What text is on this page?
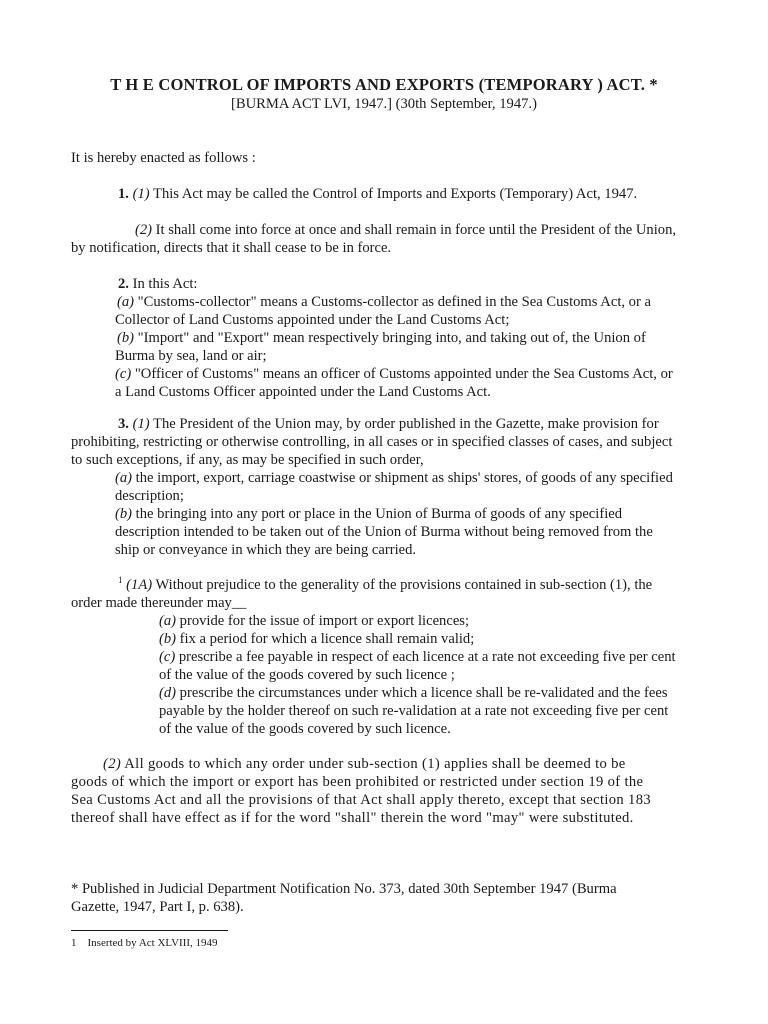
T H E CONTROL OF IMPORTS AND EXPORTS (TEMPORARY ) ACT. *
[BURMA ACT LVI, 1947.] (30th September, 1947.)
It is hereby enacted as follows :
1. (1) This Act may be called the Control of Imports and Exports (Temporary) Act, 1947.
(2) It shall come into force at once and shall remain in force until the President of the Union,
by notification, directs that it shall cease to be in force.
2. In this Act:
(a) "Customs-collector" means a Customs-collector as defined in the Sea Customs Act, or a
Collector of Land Customs appointed under the Land Customs Act;
(b) "Import" and "Export" mean respectively bringing into, and taking out of, the Union of
Burma by sea, land or air;
(c) "Officer of Customs" means an officer of Customs appointed under the Sea Customs Act, or
a Land Customs Officer appointed under the Land Customs Act.
3. (1) The President of the Union may, by order published in the Gazette, make provision for
prohibiting, restricting or otherwise controlling, in all cases or in specified classes of cases, and subject
to such exceptions, if any, as may be specified in such order,
(a) the import, export, carriage coastwise or shipment as ships' stores, of goods of any specified
description;
(b) the bringing into any port or place in the Union of Burma of goods of any specified
description intended to be taken out of the Union of Burma without being removed from the
ship or conveyance in which they are being carried.
$^1$ (1A) Without prejudice to the generality of the provisions contained in sub-section (1), the
order made thereunder may__
(a) provide for the issue of import or export licences;
(b) fix a period for which a licence shall remain valid;
(c) prescribe a fee payable in respect of each licence at a rate not exceeding five per cent
of the value of the goods covered by such licence ;
(d) prescribe the circumstances under which a licence shall be re-validated and the fees
payable by the holder thereof on such re-validation at a rate not exceeding five per cent
of the value of the goods covered by such licence.
(2) All goods to which any order under sub-section (1) applies shall be deemed to be
goods of which the import or export has been prohibited or restricted under section 19 of the
Sea Customs Act and all the provisions of that Act shall apply thereto, except that section 183
thereof shall have effect as if for the word "shall" therein the word "may" were substituted.
* Published in Judicial Department Notification No. 373, dated 30th September 1947 (Burma
Gazette, 1947, Part I, p. 638).
1 Inserted by Act XLVIII, 1949
